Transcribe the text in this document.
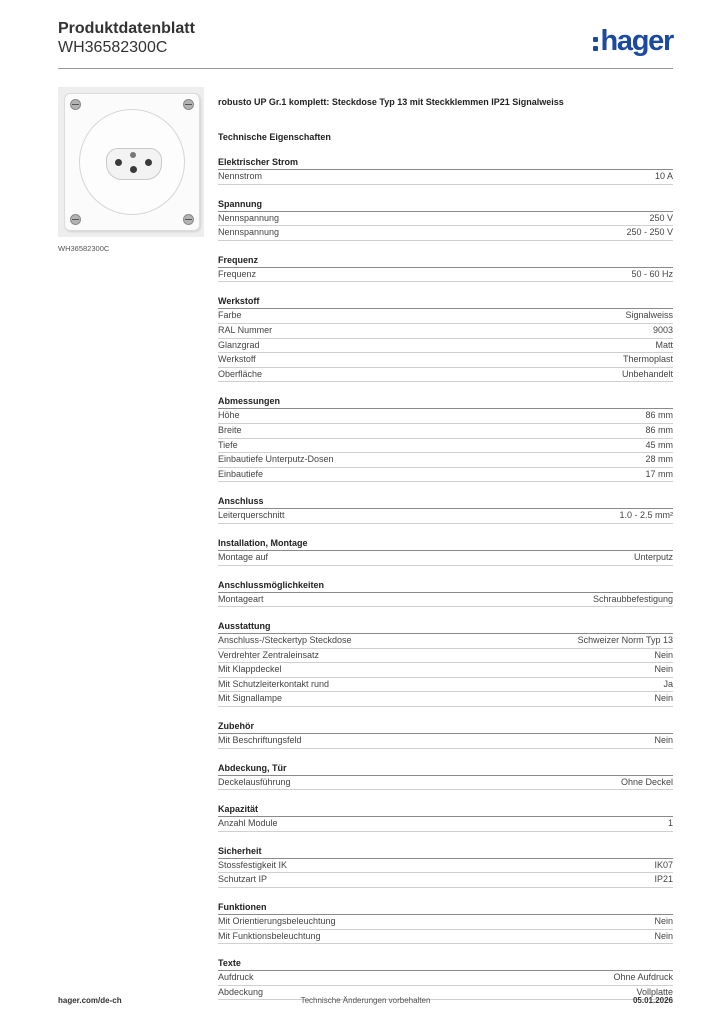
Produktdatenblatt
WH36582300C	hager
WH36582300C

robusto UP Gr.1 komplett: Steckdose Typ 13 mit Steckklemmen IP21 Signalweiss

Technische Eigenschaften

Elektrischer Strom
Nennstrom	10 A
Spannung
Nennspannung	250 V
Nennspannung	250 - 250 V
Frequenz
Frequenz	50 - 60 Hz
Werkstoff
Farbe	Signalweiss
RAL Nummer	9003
Glanzgrad	Matt
Werkstoff	Thermoplast
Oberfläche	Unbehandelt
Abmessungen
Höhe	86 mm
Breite	86 mm
Tiefe	45 mm
Einbautiefe Unterputz-Dosen	28 mm
Einbautiefe	17 mm
Anschluss
Leiterquerschnitt	1.0 - 2.5 mm²
Installation, Montage
Montage auf	Unterputz
Anschlussmöglichkeiten
Montageart	Schraubbefestigung
Ausstattung
Anschluss-/Steckertyp Steckdose	Schweizer Norm Typ 13
Verdrehter Zentraleinsatz	Nein
Mit Klappdeckel	Nein
Mit Schutzleiterkontakt rund	Ja
Mit Signallampe	Nein
Zubehör
Mit Beschriftungsfeld	Nein
Abdeckung, Tür
Deckelausführung	Ohne Deckel
Kapazität
Anzahl Module	1
Sicherheit
Stossfestigkeit IK	IK07
Schutzart IP	IP21
Funktionen
Mit Orientierungsbeleuchtung	Nein
Mit Funktionsbeleuchtung	Nein
Texte
Aufdruck	Ohne Aufdruck
Abdeckung	Vollplatte
hager.com/de-ch	Technische Änderungen vorbehalten	05.01.2026
